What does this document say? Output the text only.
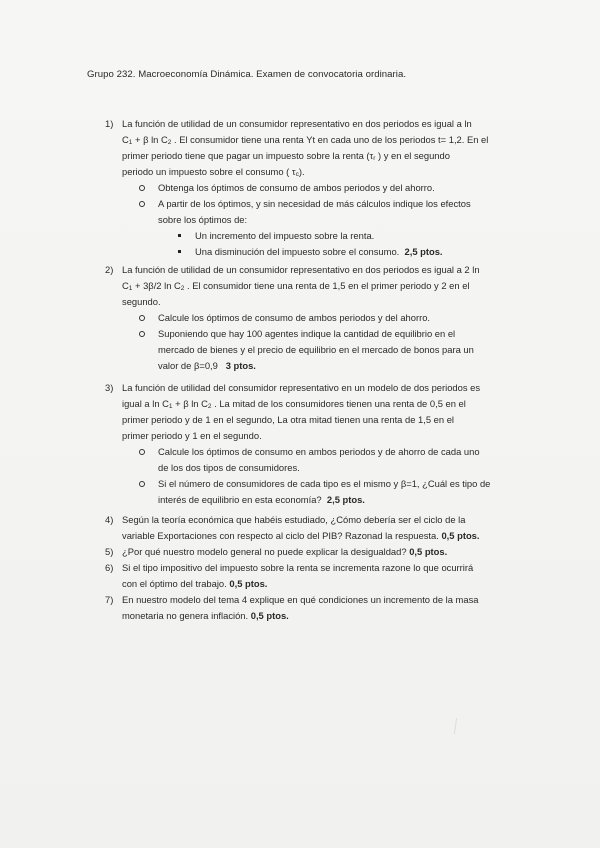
Grupo 232. Macroeconomía Dinámica. Examen de convocatoria ordinaria.
1) La función de utilidad de un consumidor representativo en dos periodos es igual a ln

$C_1 + \beta$ $\ln C_2$ . El consumidor tiene una renta Yt en cada uno de los periodos t= 1,2. En el

primer periodo tiene que pagar un impuesto sobre la renta ($\tau_r$ ) y en el segundo

periodo un impuesto sobre el consumo ( $\tau_c$).

Obtenga los óptimos de consumo de ambos periodos y del ahorro.

A partir de los óptimos, y sin necesidad de más cálculos indique los efectos

sobre los óptimos de:

Un incremento del impuesto sobre la renta.
Una disminución del impuesto sobre el consumo. 2,5 ptos.
2) La función de utilidad de un consumidor representativo en dos periodos es igual a 2 ln

$C_1 + 3\beta/2$ $\ln C_2$ . El consumidor tiene una renta de 1,5 en el primer periodo y 2 en el

segundo.

Calcule los óptimos de consumo de ambos periodos y del ahorro.

Suponiendo que hay 100 agentes indique la cantidad de equilibrio en el

mercado de bienes y el precio de equilibrio en el mercado de bonos para un

valor de β=0,9 3 ptos.

3) La función de utilidad del consumidor representativo en un modelo de dos periodos es

igual a $\ln C_1 + \beta$ $\ln C_2$ . La mitad de los consumidores tienen una renta de 0,5 en el

primer periodo y de 1 en el segundo, La otra mitad tienen una renta de 1,5 en el

primer periodo y 1 en el segundo.

Calcule los óptimos de consumo en ambos periodos y de ahorro de cada uno

de los dos tipos de consumidores.

Si el número de consumidores de cada tipo es el mismo y β=1, ¿Cuál es tipo de

interés de equilibrio en esta economía? 2,5 ptos.

4) Según la teoría económica que habéis estudiado, ¿Cómo debería ser el ciclo de la

variable Exportaciones con respecto al ciclo del PIB? Razonad la respuesta. 0,5 ptos.

5) ¿Por qué nuestro modelo general no puede explicar la desigualdad? 0,5 ptos.

6) Si el tipo impositivo del impuesto sobre la renta se incrementa razone lo que ocurrirá

con el óptimo del trabajo. 0,5 ptos.

7) En nuestro modelo del tema 4 explique en qué condiciones un incremento de la masa

monetaria no genera inflación. 0,5 ptos.
